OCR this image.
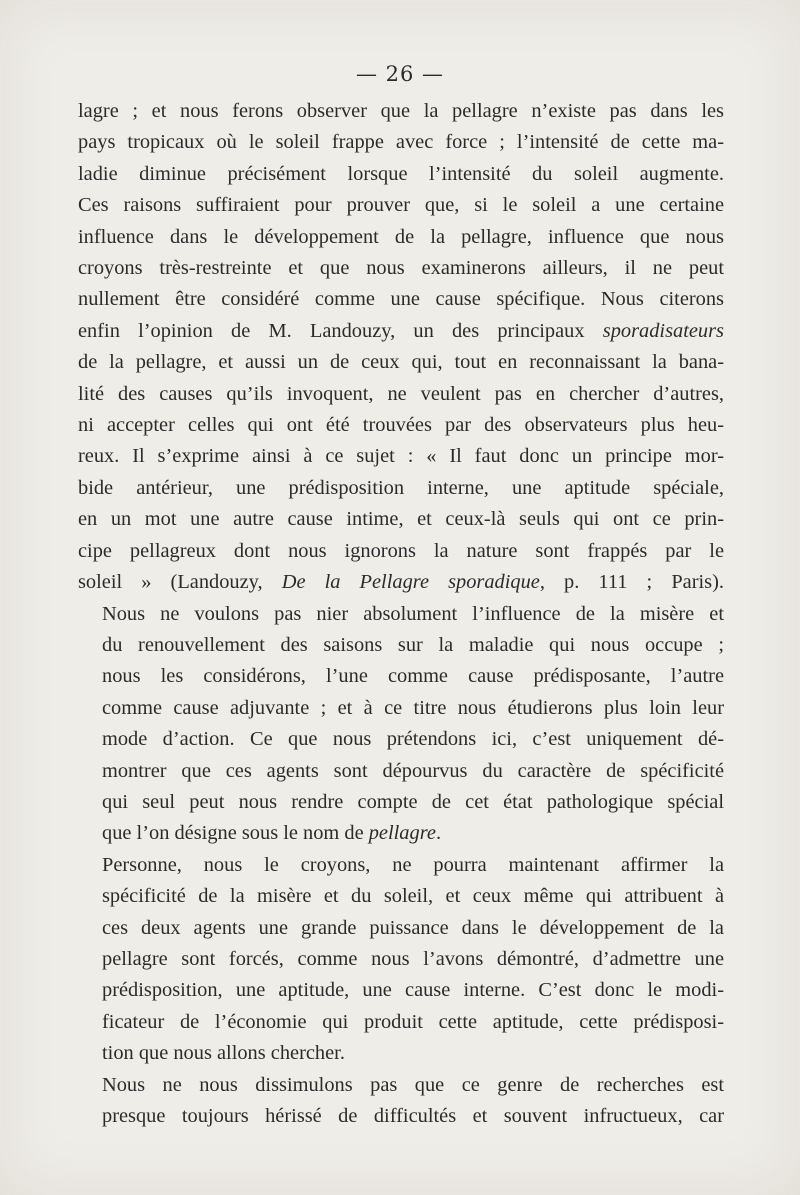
— 26 —

lagre ; et nous ferons observer que la pellagre n’existe pas dans les
pays tropicaux où le soleil frappe avec force ; l’intensité de cette ma-
ladie diminue précisément lorsque l’intensité du soleil augmente.
Ces raisons suffiraient pour prouver que, si le soleil a une certaine
influence dans le développement de la pellagre, influence que nous
croyons très-restreinte et que nous examinerons ailleurs, il ne peut
nullement être considéré comme une cause spécifique. Nous citerons
enfin l’opinion de M. Landouzy, un des principaux sporadisateurs
de la pellagre, et aussi un de ceux qui, tout en reconnaissant la bana-
lité des causes qu’ils invoquent, ne veulent pas en chercher d’autres,
ni accepter celles qui ont été trouvées par des observateurs plus heu-
reux. Il s’exprime ainsi à ce sujet : « Il faut donc un principe mor-
bide antérieur, une prédisposition interne, une aptitude spéciale,
en un mot une autre cause intime, et ceux-là seuls qui ont ce prin-
cipe pellagreux dont nous ignorons la nature sont frappés par le
soleil » (Landouzy, De la Pellagre sporadique, p. 111 ; Paris).

Nous ne voulons pas nier absolument l’influence de la misère et
du renouvellement des saisons sur la maladie qui nous occupe ;
nous les considérons, l’une comme cause prédisposante, l’autre
comme cause adjuvante ; et à ce titre nous étudierons plus loin leur
mode d’action. Ce que nous prétendons ici, c’est uniquement dé-
montrer que ces agents sont dépourvus du caractère de spécificité
qui seul peut nous rendre compte de cet état pathologique spécial
que l’on désigne sous le nom de pellagre.

Personne, nous le croyons, ne pourra maintenant affirmer la
spécificité de la misère et du soleil, et ceux même qui attribuent à
ces deux agents une grande puissance dans le développement de la
pellagre sont forcés, comme nous l’avons démontré, d’admettre une
prédisposition, une aptitude, une cause interne. C’est donc le modi-
ficateur de l’économie qui produit cette aptitude, cette prédisposi-
tion que nous allons chercher.

Nous ne nous dissimulons pas que ce genre de recherches est
presque toujours hérissé de difficultés et souvent infructueux, car
